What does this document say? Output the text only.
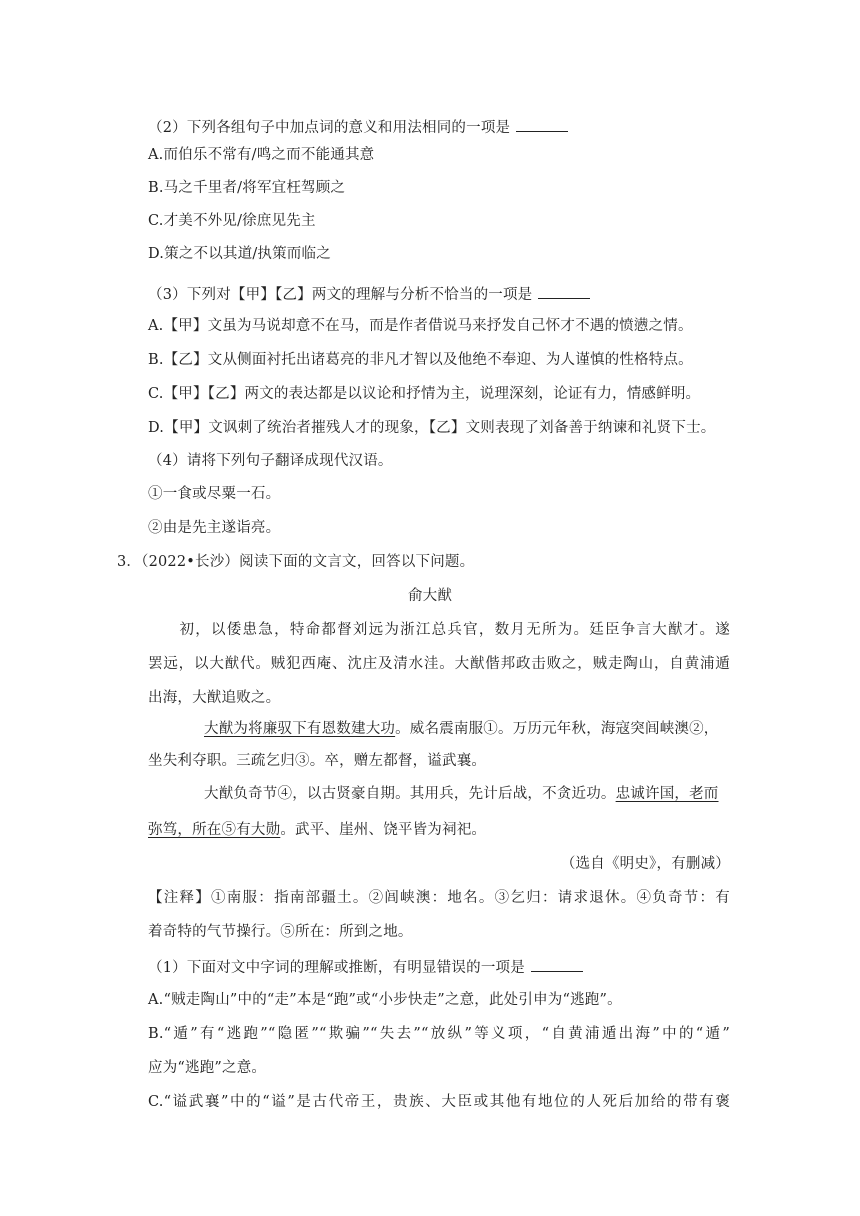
（2）下列各组句子中加点词的意义和用法相同的一项是
A.而伯乐不常有/鸣之而不能通其意
B.马之千里者/将军宜枉驾顾之
C.才美不外见/徐庶见先主
D.策之不以其道/执策而临之
（3）下列对【甲】【乙】两文的理解与分析不恰当的一项是
A.【甲】文虽为马说却意不在马，而是作者借说马来抒发自己怀才不遇的愤懑之情。
B.【乙】文从侧面衬托出诸葛亮的非凡才智以及他绝不奉迎、为人谨慎的性格特点。
C.【甲】【乙】两文的表达都是以议论和抒情为主，说理深刻，论证有力，情感鲜明。
D.【甲】文讽刺了统治者摧残人才的现象，【乙】文则表现了刘备善于纳谏和礼贤下士。
（4）请将下列句子翻译成现代汉语。
①一食或尽粟一石。
②由是先主遂诣亮。
3．（2022•长沙）阅读下面的文言文，回答以下问题。
俞大猷
　　初，以倭患急，特命都督刘远为浙江总兵官，数月无所为。廷臣争言大猷才。遂
罢远，以大猷代。贼犯西庵、沈庄及清水洼。大猷偕邦政击败之，贼走陶山，自黄浦遁
出海，大猷追败之。
大猷为将廉驭下有恩数建大功。威名震南服①。万历元年秋，海寇突闾峡澳②，
坐失利夺职。三疏乞归③。卒，赠左都督，谥武襄。
大猷负奇节④，以古贤豪自期。其用兵，先计后战，不贪近功。忠诚许国，老而
弥笃，所在⑤有大勋。武平、崖州、饶平皆为祠祀。
（选自《明史》，有删减）
【注释】①南服：指南部疆土。②闾峡澳：地名。③乞归：请求退休。④负奇节：有
着奇特的气节操行。⑤所在：所到之地。
（1）下面对文中字词的理解或推断，有明显错误的一项是
A.“贼走陶山”中的“走”本是“跑”或“小步快走”之意，此处引申为“逃跑”。
B.“遁”有“逃跑”“隐匿”“欺骗”“失去”“放纵”等义项，“自黄浦遁出海”中的“遁”
应为“逃跑”之意。
C.“谥武襄”中的“谥”是古代帝王，贵族、大臣或其他有地位的人死后加给的带有褒
